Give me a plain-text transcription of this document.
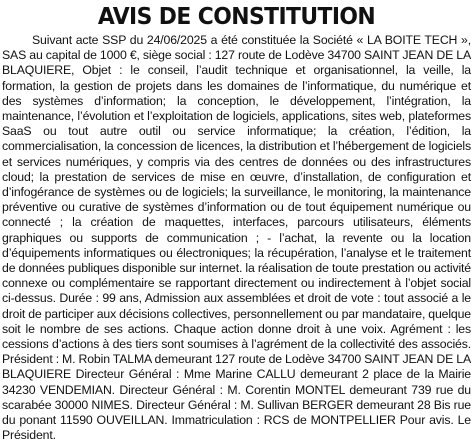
AVIS DE CONSTITUTION

Suivant acte SSP du 24/06/2025 a été constituée la Société « LA BOITE TECH », SAS au capital de 1000 €, siège social : 127 route de Lodève 34700 SAINT JEAN DE LA BLAQUIERE, Objet : le conseil, l’audit technique et organisationnel, la veille, la formation, la gestion de projets dans les domaines de l’informatique, du numérique et des systèmes d’information; la conception, le développement, l’intégration, la maintenance, l’évolution et l’exploitation de logiciels, applications, sites web, plateformes SaaS ou tout autre outil ou service informatique; la création, l’édition, la commercialisation, la concession de licences, la distribution et l’hébergement de logiciels et services numériques, y compris via des centres de données ou des infrastructures cloud; la prestation de services de mise en œuvre, d’installation, de configuration et d’infogérance de systèmes ou de logiciels; la surveillance, le monitoring, la maintenance préventive ou curative de systèmes d’information ou de tout équipement numérique ou connecté ; la création de maquettes, interfaces, parcours utilisateurs, éléments graphiques ou supports de communication ; - l’achat, la revente ou la location d’équipements informatiques ou électroniques; la récupération, l’analyse et le traitement de données publiques disponible sur internet. la réalisation de toute prestation ou activité connexe ou complémentaire se rapportant directement ou indirectement à l’objet social ci-dessus. Durée : 99 ans, Admission aux assemblées et droit de vote : tout associé a le droit de participer aux décisions collectives, personnellement ou par mandataire, quelque soit le nombre de ses actions. Chaque action donne droit à une voix. Agrément : les cessions d’actions à des tiers sont soumises à l’agrément de la collectivité des associés. Président : M. Robin TALMA demeurant 127 route de Lodève 34700 SAINT JEAN DE LA BLAQUIERE Directeur Général : Mme Marine CALLU demeurant 2 place de la Mairie 34230 VENDEMIAN. Directeur Général : M. Corentin MONTEL demeurant 739 rue du scarabée 30000 NIMES. Directeur Général : M. Sullivan BERGER demeurant 28 Bis rue du ponant 11590 OUVEILLAN. Immatriculation : RCS de MONTPELLIER Pour avis. Le Président.
